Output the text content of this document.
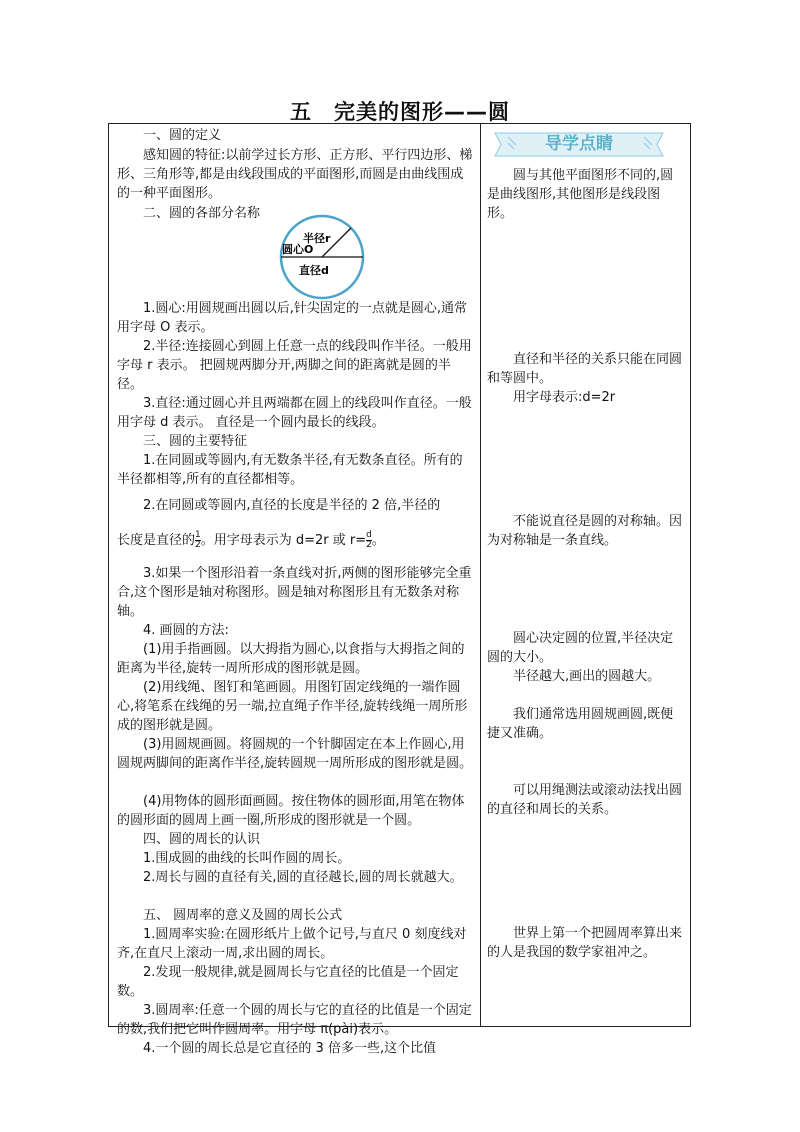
五　完美的图形——圆

一、圆的定义

感知圆的特征:以前学过长方形、正方形、平行四边形、梯形、三角形等,都是由线段围成的平面图形,而圆是由曲线围成的一种平面图形。

二、圆的各部分名称

半径r
圆心O
直径d

1.圆心:用圆规画出圆以后,针尖固定的一点就是圆心,通常用字母 O 表示。

2.半径:连接圆心到圆上任意一点的线段叫作半径。一般用字母 r 表示。 把圆规两脚分开,两脚之间的距离就是圆的半径。

3.直径:通过圆心并且两端都在圆上的线段叫作直径。一般用字母 d 表示。 直径是一个圆内最长的线段。

三、圆的主要特征

1.在同圆或等圆内,有无数条半径,有无数条直径。所有的半径都相等,所有的直径都相等。

2.在同圆或等圆内,直径的长度是半径的 2 倍,半径的

长度是直径的 $\frac{1}{2}$ 。用字母表示为 d=2r 或 $r= \frac{d}{2}$ 。

3.如果一个图形沿着一条直线对折,两侧的图形能够完全重合,这个图形是轴对称图形。圆是轴对称图形且有无数条对称轴。

4. 画圆的方法:

(1)用手指画圆。以大拇指为圆心,以食指与大拇指之间的距离为半径,旋转一周所形成的图形就是圆。

(2)用线绳、图钉和笔画圆。用图钉固定线绳的一端作圆心,将笔系在线绳的另一端,拉直绳子作半径,旋转线绳一周所形成的图形就是圆。

(3)用圆规画圆。将圆规的一个针脚固定在本上作圆心,用圆规两脚间的距离作半径,旋转圆规一周所形成的图形就是圆。

(4)用物体的圆形面画圆。按住物体的圆形面,用笔在物体的圆形面的圆周上画一圈,所形成的图形就是一个圆。

四、圆的周长的认识

1.围成圆的曲线的长叫作圆的周长。

2.周长与圆的直径有关,圆的直径越长,圆的周长就越大。

五、 圆周率的意义及圆的周长公式

1.圆周率实验:在圆形纸片上做个记号,与直尺 0 刻度线对齐,在直尺上滚动一周,求出圆的周长。

2.发现一般规律,就是圆周长与它直径的比值是一个固定数。

3.圆周率:任意一个圆的周长与它的直径的比值是一个固定的数,我们把它叫作圆周率。用字母 π(pài)表示。

4.一个圆的周长总是它直径的 3 倍多一些,这个比值

导学点睛

圆与其他平面图形不同的,圆是曲线图形,其他图形是线段图形。

直径和半径的关系只能在同圆和等圆中。

用字母表示:d=2r

不能说直径是圆的对称轴。因为对称轴是一条直线。

圆心决定圆的位置,半径决定圆的大小。

半径越大,画出的圆越大。

我们通常选用圆规画圆,既便捷又准确。

可以用绳测法或滚动法找出圆的直径和周长的关系。

世界上第一个把圆周率算出来的人是我国的数学家祖冲之。
